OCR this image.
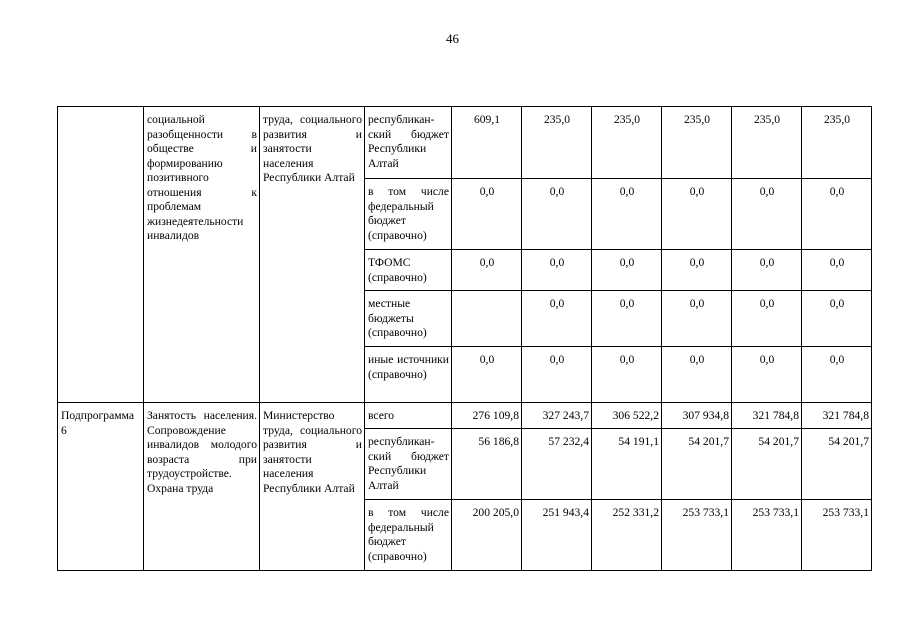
46
	социальной разобщенности в обществе и формированию позитивного отношения к проблемам жизнедеятельности инвалидов	труда, социального развития и занятости населения Республики Алтай	республикан-ский бюджет Республики Алтай	609,1	235,0	235,0	235,0	235,0	235,0
			в том числе федеральный бюджет (справочно)	0,0	0,0	0,0	0,0	0,0	0,0
			ТФОМС (справочно)	0,0	0,0	0,0	0,0	0,0	0,0
			местные бюджеты (справочно)		0,0	0,0	0,0	0,0	0,0
			иные источники (справочно)	0,0	0,0	0,0	0,0	0,0	0,0
Подпрограмма 6	Занятость населения. Сопровождение инвалидов молодого возраста при трудоустройстве. Охрана труда	Министерство труда, социального развития и занятости населения Республики Алтай	всего	276 109,8	327 243,7	306 522,2	307 934,8	321 784,8	321 784,8
			республикан-ский бюджет Республики Алтай	56 186,8	57 232,4	54 191,1	54 201,7	54 201,7	54 201,7
			в том числе федеральный бюджет (справочно)	200 205,0	251 943,4	252 331,2	253 733,1	253 733,1	253 733,1
